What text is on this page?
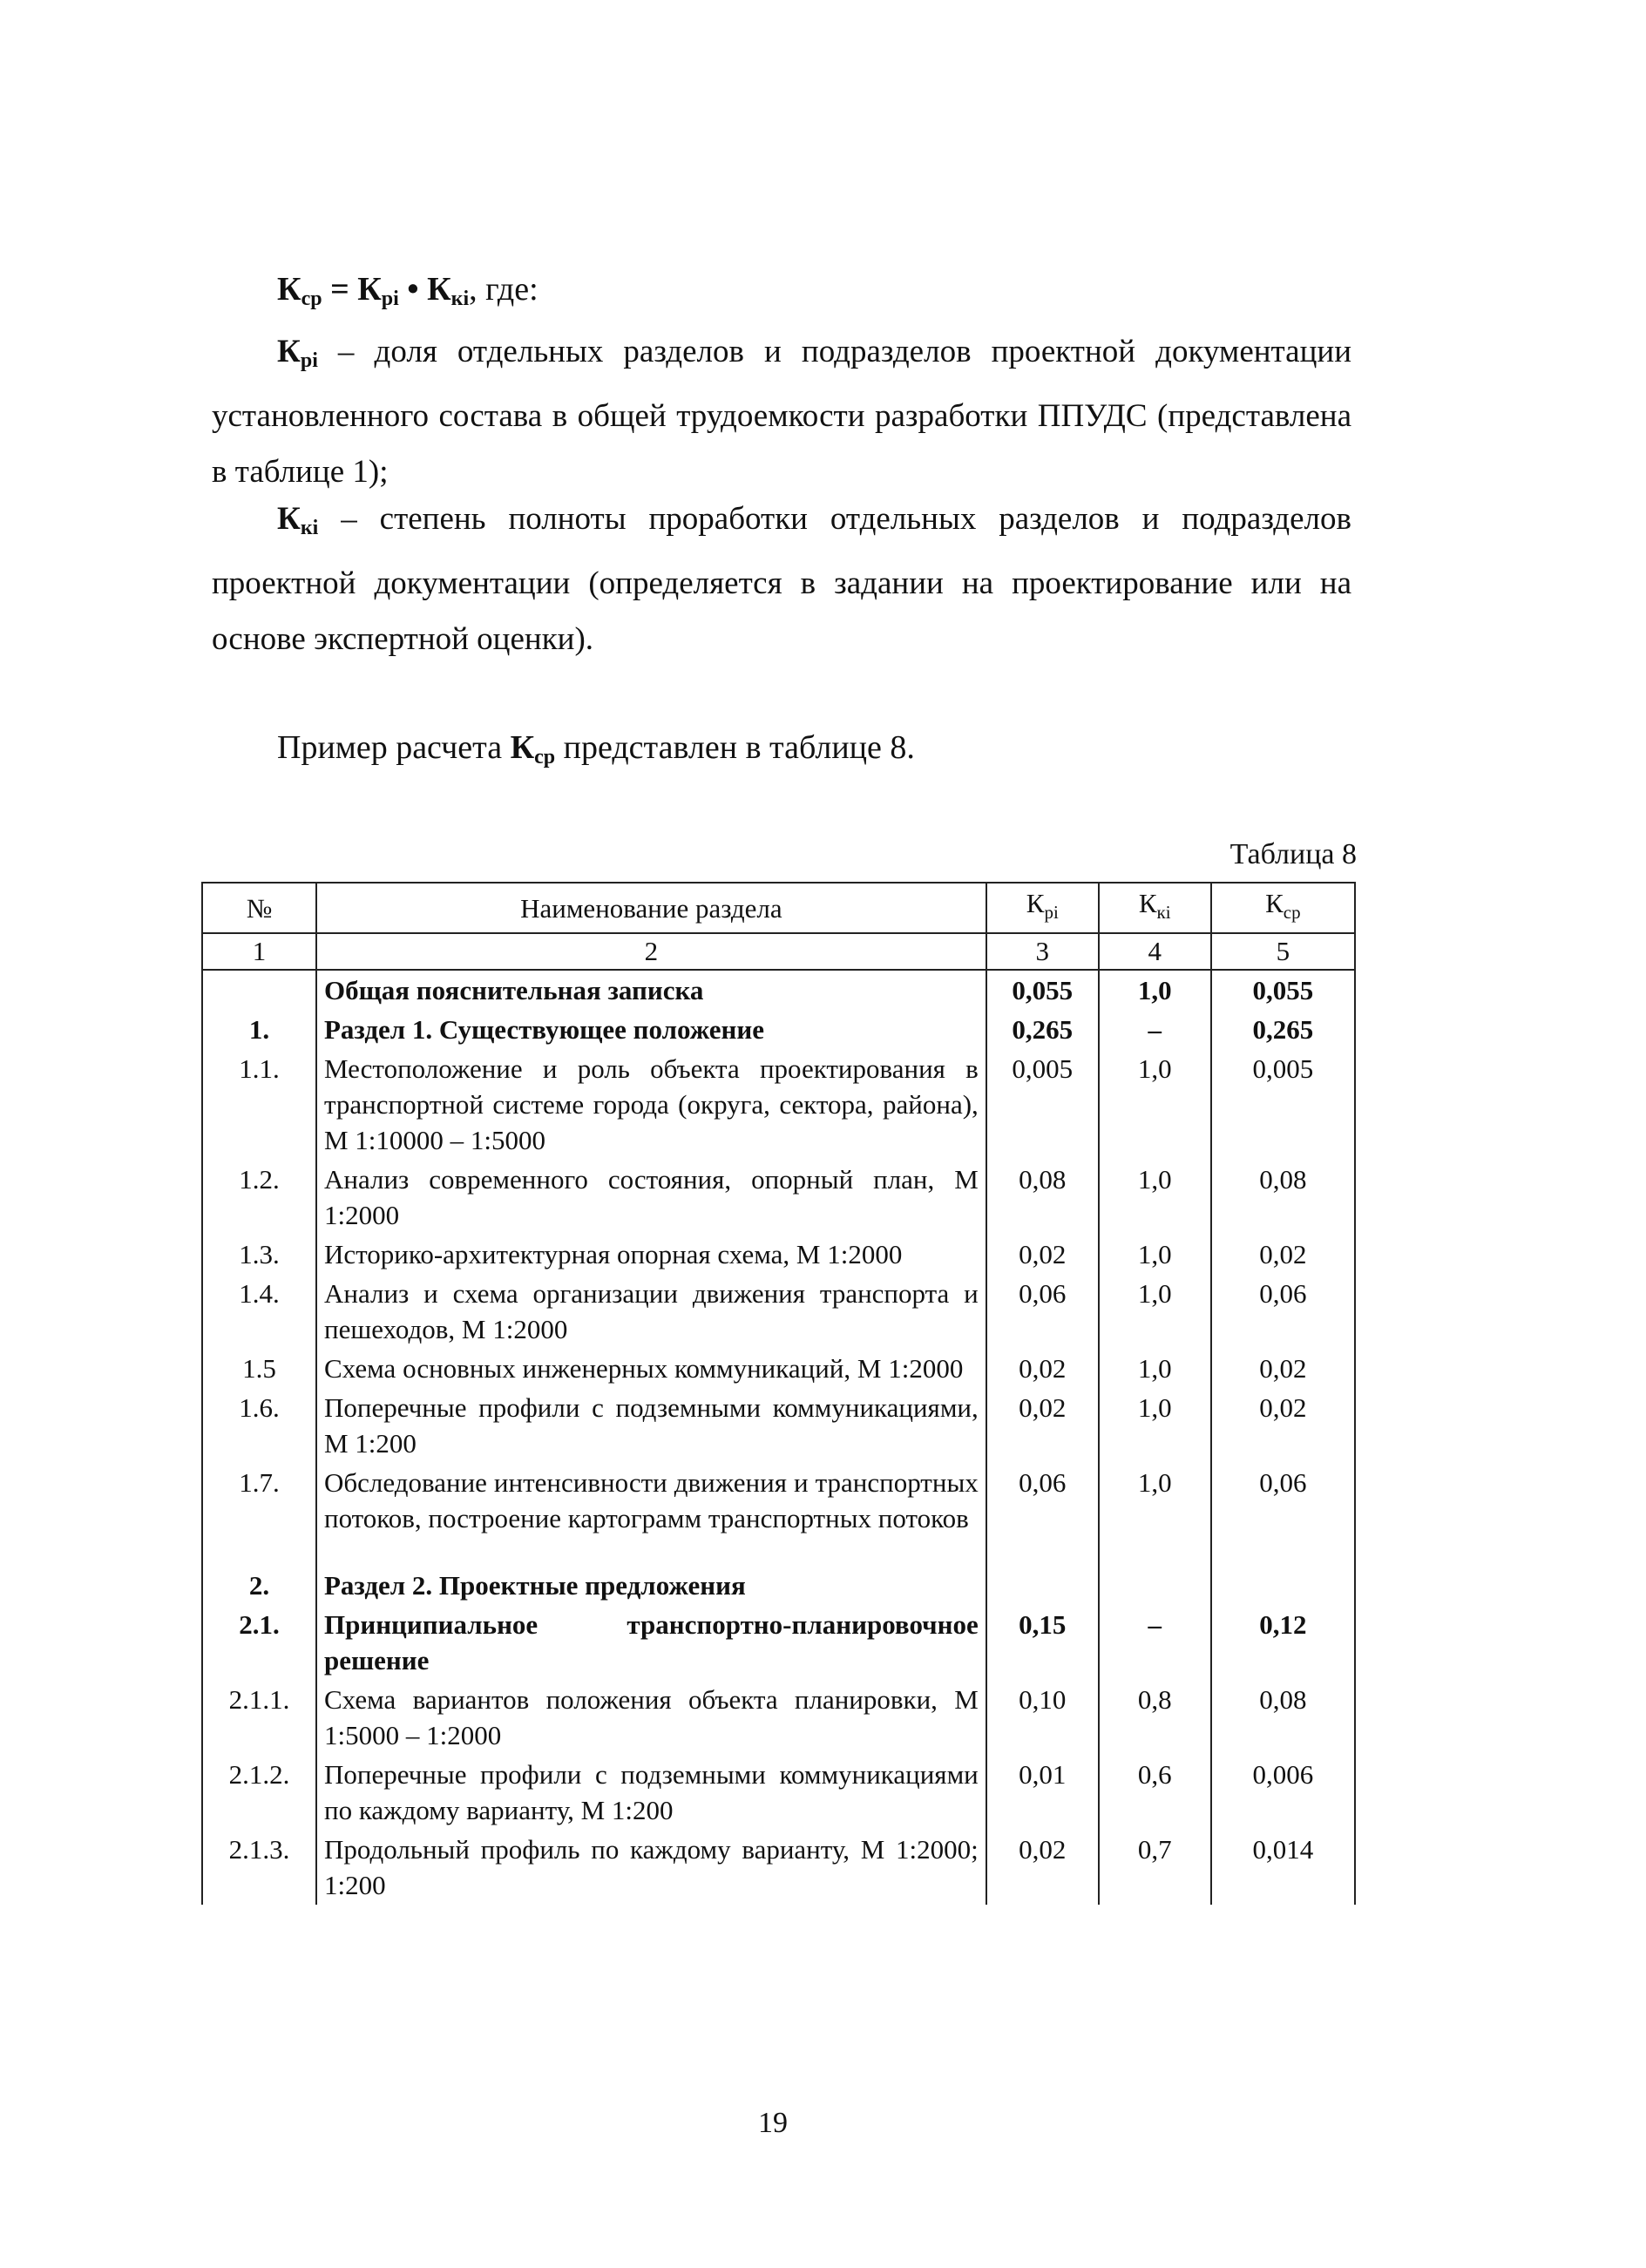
$К_{ср} = К_{рi}$ • $К_{кi}$, где:
$К_{рi}$ – доля отдельных разделов и подразделов проектной документации установленного состава в общей трудоемкости разработки ППУДС (представлена в таблице 1);
$К_{кi}$ – степень полноты проработки отдельных разделов и подразделов проектной документации (определяется в задании на проектирование или на основе экспертной оценки).
Пример расчета $К_{ср}$ представлен в таблице 8.
Таблица 8
№	Наименование раздела	$К_{рi}$	$К_{кi}$	$К_{ср}$
1	2	3	4	5
	Общая пояснительная записка	0,055	1,0	0,055
1.	Раздел 1. Существующее положение	0,265	–	0,265
1.1.	Местоположение и роль объекта проектирования в транспортной системе города (округа, сектора, района), М 1:10000 – 1:5000	0,005	1,0	0,005
1.2.	Анализ современного состояния, опорный план, М 1:2000	0,08	1,0	0,08
1.3.	Историко-архитектурная опорная схема, М 1:2000	0,02	1,0	0,02
1.4.	Анализ и схема организации движения транспорта и пешеходов, М 1:2000	0,06	1,0	0,06
1.5	Схема основных инженерных коммуникаций, М 1:2000	0,02	1,0	0,02
1.6.	Поперечные профили с подземными коммуникациями, М 1:200	0,02	1,0	0,02
1.7.	Обследование интенсивности движения и транспортных потоков, построение картограмм транспортных потоков	0,06	1,0	0,06

2.	Раздел 2. Проектные предложения			
2.1.	Принципиальное транспортно-планировочное решение	0,15	–	0,12
2.1.1.	Схема вариантов положения объекта планировки, М 1:5000 – 1:2000	0,10	0,8	0,08
2.1.2.	Поперечные профили с подземными коммуникациями по каждому варианту, М 1:200	0,01	0,6	0,006
2.1.3.	Продольный профиль по каждому варианту, М 1:2000; 1:200	0,02	0,7	0,014
19
